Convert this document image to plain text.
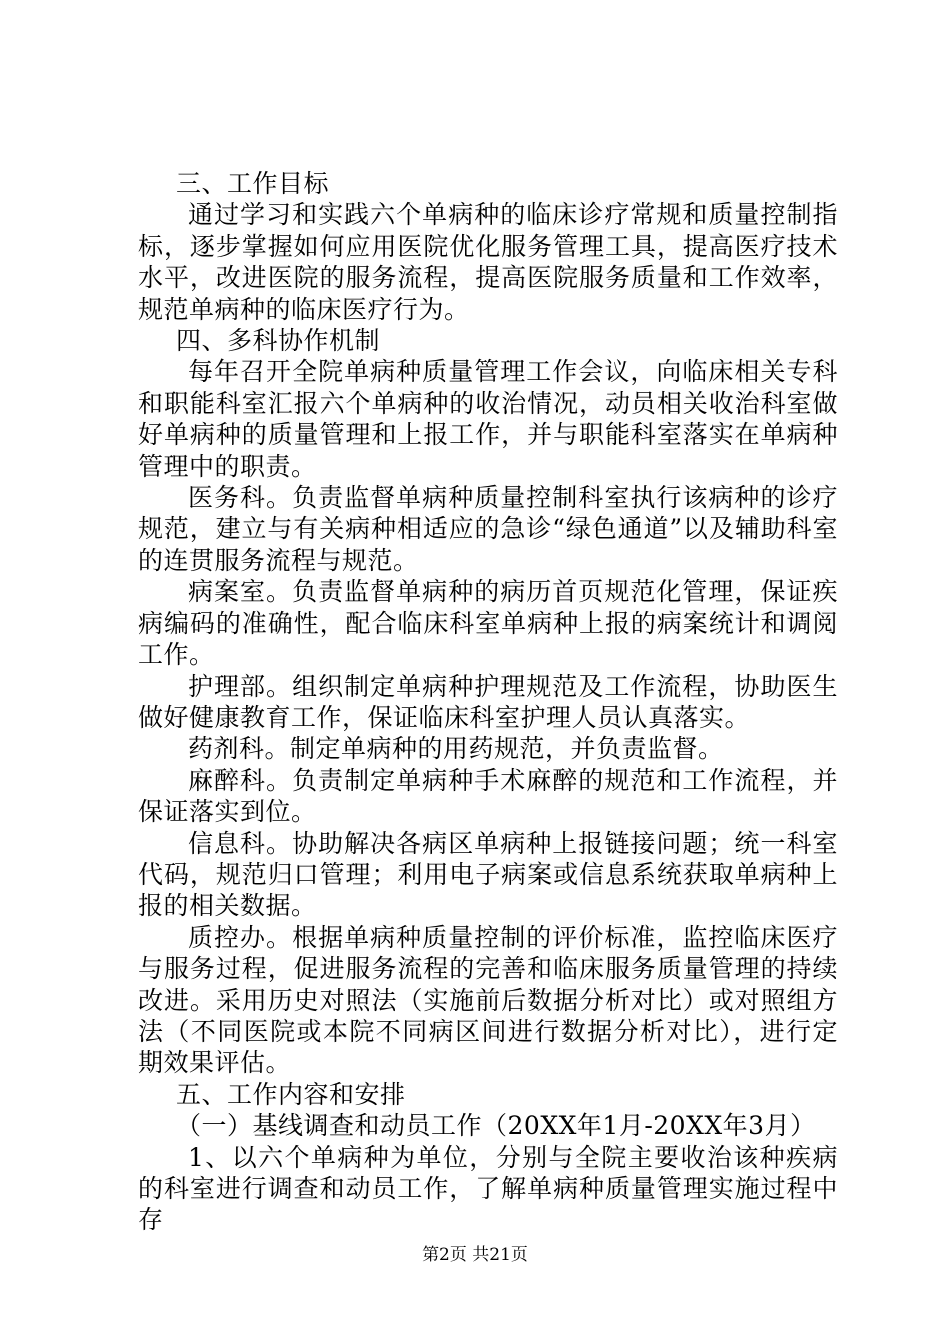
三、工作目标

通过学习和实践六个单病种的临床诊疗常规和质量控制指标，逐步掌握如何应用医院优化服务管理工具，提高医疗技术水平，改进医院的服务流程，提高医院服务质量和工作效率，规范单病种的临床医疗行为。

四、多科协作机制

每年召开全院单病种质量管理工作会议，向临床相关专科和职能科室汇报六个单病种的收治情况，动员相关收治科室做好单病种的质量管理和上报工作，并与职能科室落实在单病种管理中的职责。

医务科。负责监督单病种质量控制科室执行该病种的诊疗规范，建立与有关病种相适应的急诊“绿色通道”以及辅助科室的连贯服务流程与规范。

病案室。负责监督单病种的病历首页规范化管理，保证疾病编码的准确性，配合临床科室单病种上报的病案统计和调阅工作。

护理部。组织制定单病种护理规范及工作流程，协助医生做好健康教育工作，保证临床科室护理人员认真落实。

药剂科。制定单病种的用药规范，并负责监督。

麻醉科。负责制定单病种手术麻醉的规范和工作流程，并保证落实到位。

信息科。协助解决各病区单病种上报链接问题；统一科室代码，规范归口管理；利用电子病案或信息系统获取单病种上报的相关数据。

质控办。根据单病种质量控制的评价标准，监控临床医疗与服务过程，促进服务流程的完善和临床服务质量管理的持续改进。采用历史对照法（实施前后数据分析对比）或对照组方法（不同医院或本院不同病区间进行数据分析对比），进行定期效果评估。

五、工作内容和安排

（一）基线调查和动员工作（20XX年1月-20XX年3月）

1、以六个单病种为单位，分别与全院主要收治该种疾病的科室进行调查和动员工作，了解单病种质量管理实施过程中存

第2页 共21页
